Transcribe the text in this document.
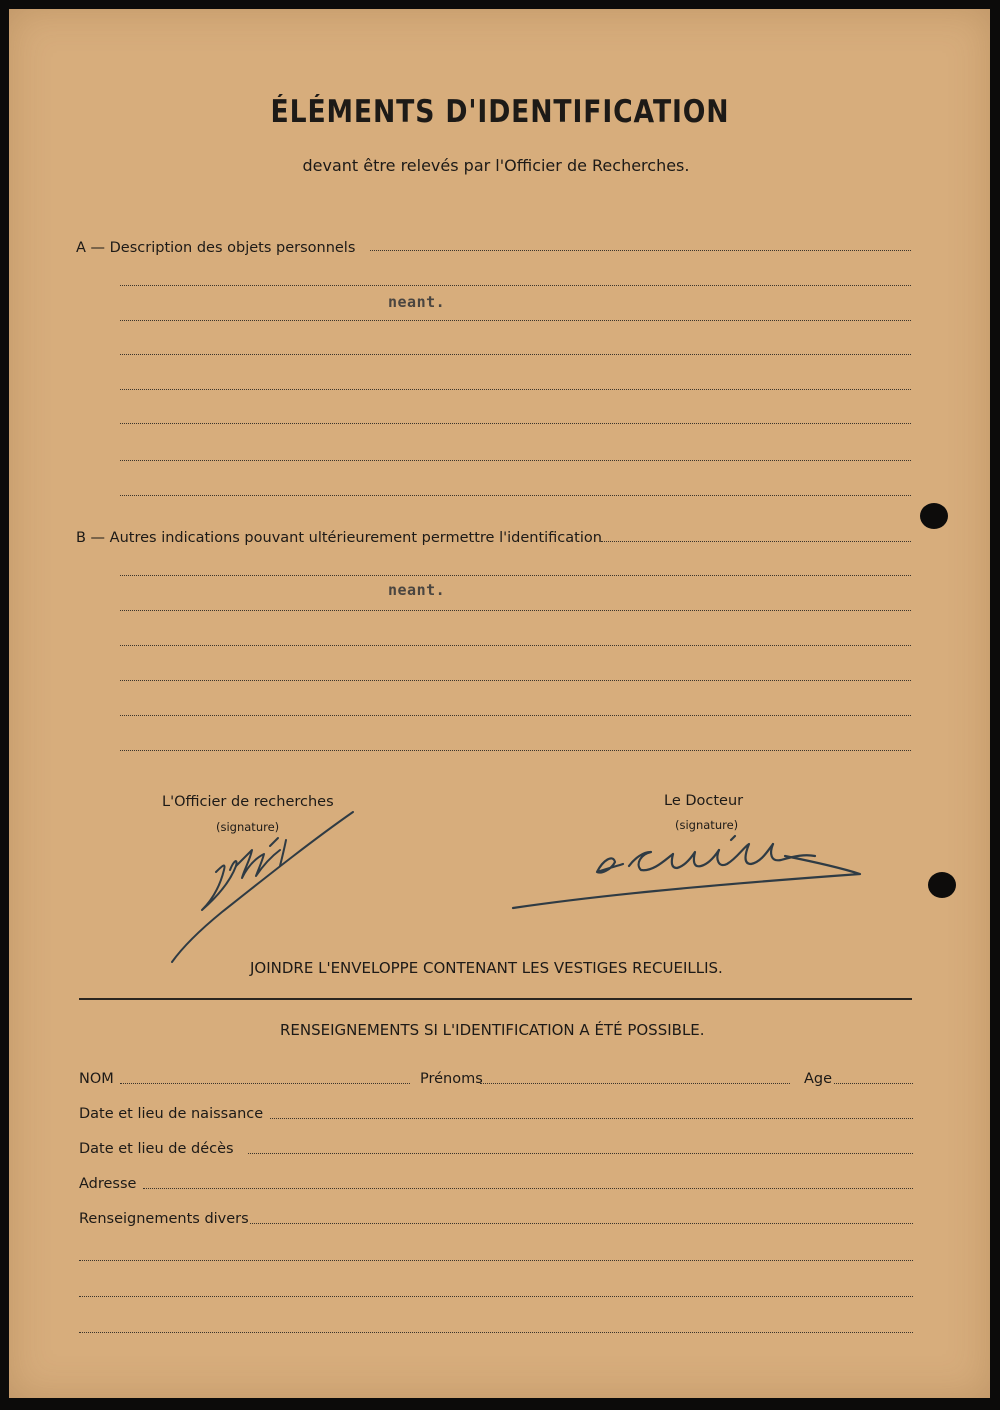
ÉLÉMENTS D'IDENTIFICATION
devant être relevés par l'Officier de Recherches.
A — Description des objets personnels
neant.
B — Autres indications pouvant ultérieurement permettre l'identification
neant.
L'Officier de recherches
(signature)
Le Docteur
(signature)
JOINDRE L'ENVELOPPE CONTENANT LES VESTIGES RECUEILLIS.
RENSEIGNEMENTS SI L'IDENTIFICATION A ÉTÉ POSSIBLE.
NOM	Prénoms	Age
Date et lieu de naissance
Date et lieu de décès
Adresse
Renseignements divers
